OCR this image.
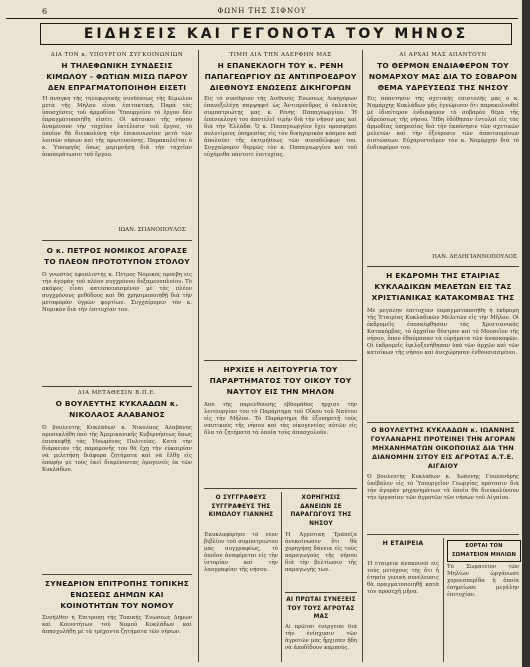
6	ΦΩΝΗ ΤΗΣ ΣΙΦΝΟΥ
ΕΙΔΗΣΕΙΣ ΚΑΙ ΓΕΓΟΝΟΤΑ ΤΟΥ ΜΗΝΟΣ
ΔΙΑ ΤΟΝ κ. ΥΠΟΥΡΓΟΝ ΣΥΓΚΟΙΝΩΝΙΩΝ
Η ΤΗΛΕΦΩΝΙΚΗ ΣΥΝΔΕΣΙΣ ΚΙΜΩΛΟΥ - ΦΩΤΙΩΝ ΜΙΣΩ ΠΑΡΟΥ ΔΕΝ ΕΠΡΑΓΜΑΤΟΠΟΙΗΘΗ ΕΙΣΕΤΙ
Ἡ ἀνάγκη τῆς τηλεφωνικῆς συνδέσεως τῆς Κιμώλου μετὰ τῆς Μήλου εἶναι ἐπιτακτική. Παρὰ τὰς ὑποσχέσεις τοῦ ἁρμοδίου Ὑπουργείου τὸ ἔργον δὲν ἐπραγματοποιήθη εἰσέτι. Οἱ κάτοικοι τῆς νήσου ἀναμένουν τὴν ταχεῖαν ἐκτέλεσιν τοῦ ἔργου, τὸ ὁποῖον θὰ διευκολύνῃ τὴν ἐπικοινωνίαν μετὰ τῶν λοιπῶν νήσων καὶ τῆς πρωτευούσης. Παρακαλεῖται ὁ κ. Ὑπουργὸς ὅπως μεριμνήσῃ διὰ τὴν ταχεῖαν ἀποπεράτωσιν τοῦ ἔργου.
ΙΩΑΝ. ΣΠΑΝΟΠΟΥΛΟΣ
Ο κ. ΠΕΤΡΟΣ ΝΟΜΙΚΟΣ ΑΓΟΡΑΣΕ ΤΟ ΠΛΕΟΝ ΠΡΟΤΟΤΥΠΟΝ ΣΤΟΛΟΥ
Ὁ γνωστὸς ἐφοπλιστὴς κ. Πέτρος Νομικὸς προέβη εἰς τὴν ἀγορὰν τοῦ πλέον συγχρόνου δεξαμενοπλοίου. Τὸ σκάφος εἶναι κατεσκευασμένον μὲ τὰς πλέον συγχρόνους μεθόδους καὶ θὰ χρησιμοποιηθῇ διὰ τὴν μεταφορὰν ὑγρῶν φορτίων. Συγχαίρομεν τὸν κ. Νομικὸν διὰ τὴν ἐπιτυχίαν του.
ΔΙΑ ΜΕΤΑΘΕΣΙΝ Β.Π.Ε.
Ο ΒΟΥΛΕΥΤΗΣ ΚΥΚΛΑΔΩΝ κ. ΝΙΚΟΛΑΟΣ ΑΛΑΒΑΝΟΣ
Ὁ βουλευτὴς Κυκλάδων κ. Νικόλαος Ἀλαβάνος προσεκλήθη ὑπὸ τῆς Ἀμερικανικῆς Κυβερνήσεως ὅπως ἐπισκεφθῇ τὰς Ἡνωμένας Πολιτείας. Κατὰ τὴν διάρκειαν τῆς παραμονῆς του θὰ ἔχῃ τὴν εὐκαιρίαν νὰ μελετήσῃ διάφορα ζητήματα καὶ νὰ ἔλθῃ εἰς ἐπαφὴν μὲ τοὺς ἐκεῖ διαμένοντας ὁμογενεῖς ἐκ τῶν Κυκλάδων.
ΣΥΝΕΔΡΙΟΝ ΕΠΙΤΡΟΠΗΣ ΤΟΠΙΚΗΣ ΕΝΩΣΕΩΣ ΔΗΜΩΝ ΚΑΙ ΚΟΙΝΟΤΗΤΩΝ ΤΟΥ ΝΟΜΟΥ
Συνῆλθεν ἡ Ἐπιτροπὴ τῆς Τοπικῆς Ἑνώσεως Δήμων καὶ Κοινοτήτων τοῦ Νομοῦ Κυκλάδων καὶ ἀπησχολήθη μὲ τὰ τρέχοντα ζητήματα τῶν νήσων.
ΤΙΜΗ ΔΙΑ ΤΗΝ ΑΔΕΡΦΗΝ ΜΑΣ
Η ΕΠΑΝΕΚΛΟΓΗ ΤΟΥ κ. ΡΕΝΗ ΠΑΠΑΓΕΩΡΓΙΟΥ ΩΣ ΑΝΤΙΠΡΟΕΔΡΟΥ ΔΙΕΘΝΟΥΣ ΕΝΩΣΕΩΣ ΔΙΚΗΓΟΡΩΝ
Εἰς τὸ συνέδριον τῆς Διεθνοῦς Ἑνώσεως Δικηγόρων ἐπανεξελέγη παμψηφεὶ ὡς Ἀντιπρόεδρος ὁ ἐκλεκτὸς συμπατριώτης μας κ. Ρένης Παπαγεωργίου. Ἡ ἐπανεκλογή του ἀποτελεῖ τιμὴν διὰ τὴν νῆσον μας καὶ διὰ τὴν Ἑλλάδα. Ὁ κ. Παπαγεωργίου ἔχει προσφέρει πολυτίμους ὑπηρεσίας εἰς τὸν δικηγορικὸν κόσμον καὶ ἀπολαύει τῆς ἐκτιμήσεως τῶν συναδέλφων του. Συγχαίρομεν θερμῶς τὸν κ. Παπαγεωργίου καὶ τοῦ εὐχόμεθα πάντοτε ἐπιτυχίας.
ΗΡΧΙΣΕ Η ΛΕΙΤΟΥΡΓΙΑ ΤΟΥ ΠΑΡΑΡΤΗΜΑΤΟΣ ΤΟΥ ΟΙΚΟΥ ΤΟΥ ΝΑΥΤΟΥ ΕΙΣ ΤΗΝ ΜΗΛΟΝ
Ἀπὸ τῆς παρελθούσης ἑβδομάδος ἤρχισε τὴν λειτουργίαν του τὸ Παράρτημα τοῦ Οἴκου τοῦ Ναύτου εἰς τὴν Μῆλον. Τὸ Παράρτημα θὰ ἐξυπηρετῇ τοὺς ναυτικοὺς τῆς νήσου καὶ τὰς οἰκογενείας αὐτῶν εἰς ὅλα τὰ ζητήματα τὰ ὁποῖα τοὺς ἀπασχολοῦν.
Ο ΣΥΓΓΡΑΦΕΥΣ ΣΥΓΓΡΑΦΕΥΣ ΤΗΣ ΚΙΜΩΛΟΥ ΓΙΑΝΝΗΣ
Ἐκυκλοφόρησε τὸ νέον βιβλίον τοῦ συμπατριώτου μας συγγραφέως, τὸ ὁποῖον ἀναφέρεται εἰς τὴν ἱστορίαν καὶ τὴν λαογραφίαν τῆς νήσου.
ΧΟΡΗΓΗΣΙΣ ΔΑΝΕΙΩΝ ΣΕ ΠΑΡΑΓΩΓΟΥΣ ΤΗΣ ΝΗΣΟΥ
Ἡ Ἀγροτικὴ Τράπεζα ἀνεκοίνωσεν ὅτι θὰ χορηγήσῃ δάνεια εἰς τοὺς παραγωγοὺς τῆς νήσου διὰ τὴν βελτίωσιν τῆς παραγωγῆς των.
ΑΙ ΠΡΩΤΑΙ ΣΥΝΕΞΕΙΣ ΤΟΥ ΤΟΥΣ ΑΓΡΟΤΑΣ ΜΑΣ
Αἱ πρῶται ἐνέργειαι διὰ τὴν ἐνίσχυσιν τῶν ἀγροτῶν μας ἤρχισαν ἤδη νὰ ἀποδίδουν καρπούς.
ΑΙ ΑΡΧΑΙ ΜΑΣ ΑΠΑΝΤΟΥΝ
ΤΟ ΘΕΡΜΟΝ ΕΝΔΙΑΦΕΡΟΝ ΤΟΥ ΝΟΜΑΡΧΟΥ ΜΑΣ ΔΙΑ ΤΟ ΣΟΒΑΡΟΝ ΘΕΜΑ ΥΔΡΕΥΣΕΩΣ ΤΗΣ ΝΗΣΟΥ
Εἰς ἀπάντησιν τῆς σχετικῆς ἐπιστολῆς μας ὁ κ. Νομάρχης Κυκλάδων μᾶς ἐγνώρισεν ὅτι παρακολουθεῖ μὲ ἰδιαίτερον ἐνδιαφέρον τὸ σοβαρὸν θέμα τῆς ὑδρεύσεως τῆς νήσου. Ἤδη ἐδόθησαν ἐντολαὶ εἰς τὰς ἁρμοδίας ὑπηρεσίας διὰ τὴν ἐκπόνησιν τῶν σχετικῶν μελετῶν καὶ τὴν ἐξεύρεσιν τῶν ἀπαιτουμένων πιστώσεων. Εὐχαριστοῦμεν τὸν κ. Νομάρχην διὰ τὸ ἐνδιαφέρον του.
ΠΑΝ. ΔΕΛΗΓΙΑΝΝΟΠΟΥΛΟΣ
Η ΕΚΔΡΟΜΗ ΤΗΣ ΕΤΑΙΡΙΑΣ ΚΥΚΛΑΔΙΚΩΝ ΜΕΛΕΤΩΝ ΕΙΣ ΤΑΣ ΧΡΙΣΤΙΑΝΙΚΑΣ ΚΑΤΑΚΟΜΒΑΣ ΤΗΣ
Μὲ μεγάλην ἐπιτυχίαν ἐπραγματοποιήθη ἡ ἐκδρομὴ τῆς Ἑταιρίας Κυκλαδικῶν Μελετῶν εἰς τὴν Μῆλον. Οἱ ἐκδρομεῖς ἐπεσκέφθησαν τὰς Χριστιανικὰς Κατακόμβας, τὸ ἀρχαῖον θέατρον καὶ τὸ Μουσεῖον τῆς νήσου, ὅπου ἐθαύμασαν τὰ εὑρήματα τῶν ἀνασκαφῶν. Οἱ ἐκδρομεῖς ἐφιλοξενήθησαν ὑπὸ τῶν ἀρχῶν καὶ τῶν κατοίκων τῆς νήσου καὶ ἀνεχώρησαν ἐνθουσιασμένοι.
Ο ΒΟΥΛΕΥΤΗΣ ΚΥΚΛΑΔΩΝ κ. ΙΩΑΝΝΗΣ ΓΟΥΛΑΝΔΡΗΣ ΠΡΟΤΕΙΝΕΙ ΤΗΝ ΑΓΟΡΑΝ ΜΗΧΑΝΗΜΑΤΩΝ ΟΙΚΟΠΟΙΙΑΣ ΔΙΑ ΤΗΝ ΔΙΑΝΟΜΗΝ ΣΙΤΟΥ ΕΙΣ ΑΓΡΟΤΑΣ Α.Τ.Ε. ΑΙΓΑΙΟΥ
Ὁ βουλευτὴς Κυκλάδων κ. Ἰωάννης Γουλανδρὴς ὑπέβαλεν εἰς τὸ Ὑπουργεῖον Γεωργίας πρότασιν διὰ τὴν ἀγορὰν μηχανημάτων τὰ ὁποῖα θὰ διευκολύνουν τὴν ἐργασίαν τῶν ἀγροτῶν τῶν νήσων τοῦ Αἰγαίου.
Η ΕΤΑΙΡΕΙΑ
Ἡ ἑταιρεία ἀνακοινοῖ εἰς τοὺς μετόχους της ὅτι ἡ ἐτησία γενικὴ συνέλευσις θὰ πραγματοποιηθῇ κατὰ τὸν προσεχῆ μῆνα.
ΕΟΡΤΑΙ ΤΟΝ ΣΩΜΑΤΕΙΟΝ ΜΗΛΙΩΝ
Τὸ Σωματεῖον τῶν Μηλίων ὠργάνωσε χοροεσπερίδα ἡ ὁποία ἐσημείωσε μεγάλην ἐπιτυχίαν.
